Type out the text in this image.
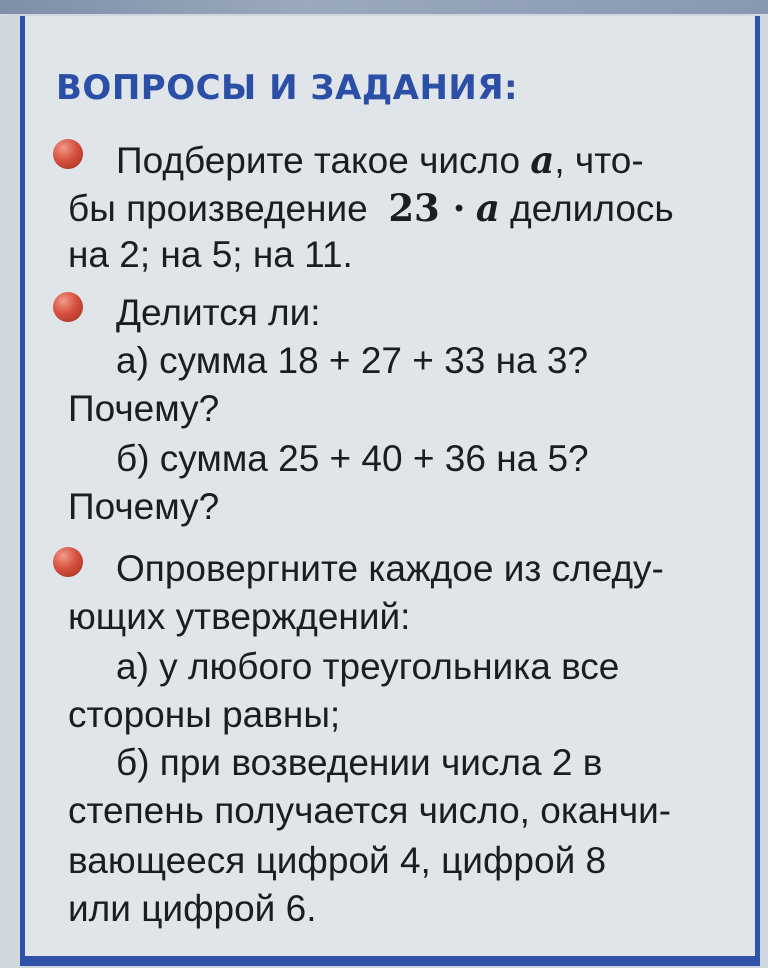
ВОПРОСЫ И ЗАДАНИЯ:

Подберите такое число a, что-

бы произведение 23 · a делилось

на 2; на 5; на 11.

Делится ли:

а) сумма 18 + 27 + 33 на 3?

Почему?

б) сумма 25 + 40 + 36 на 5?

Почему?

Опровергните каждое из следу-

ющих утверждений:

а) у любого треугольника все

стороны равны;

б) при возведении числа 2 в

степень получается число, оканчи-

вающееся цифрой 4, цифрой 8

или цифрой 6.
